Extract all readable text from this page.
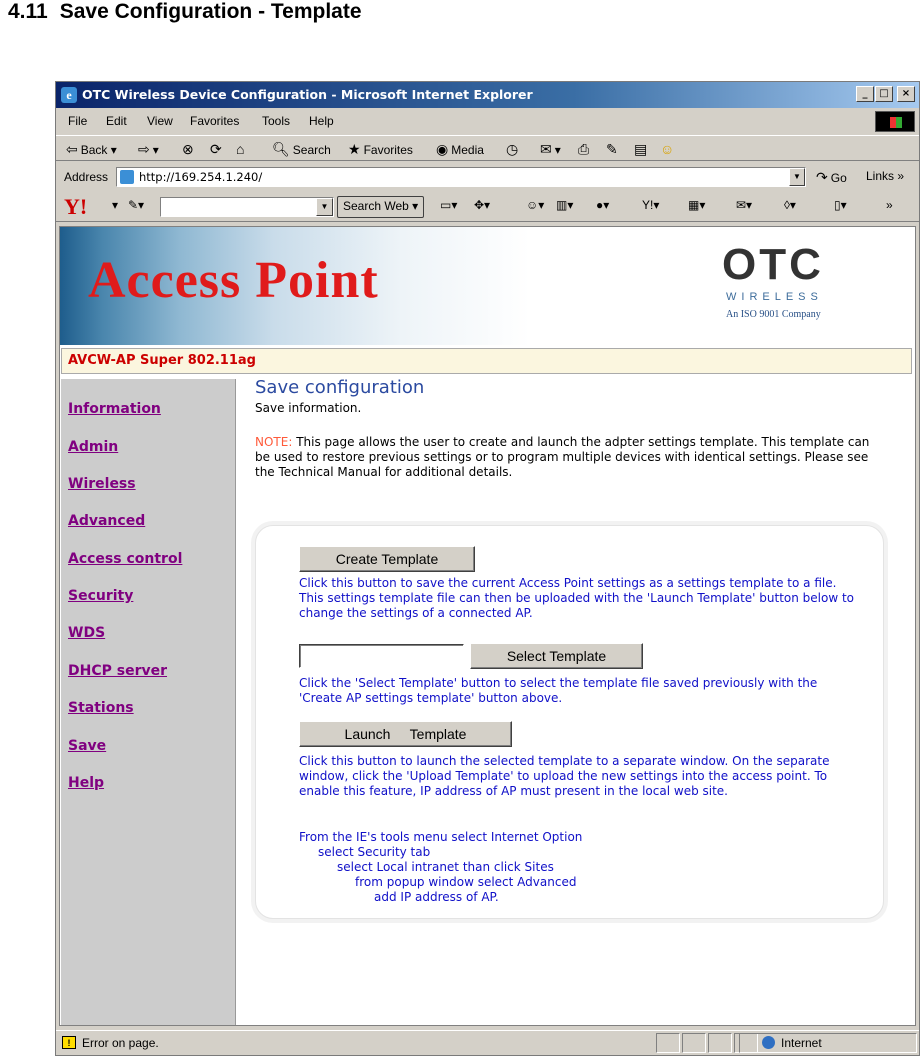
4.11 Save Configuration - Template
e OTC Wireless Device Configuration - Microsoft Internet Explorer	_	□	×
File Edit View Favorites Tools Help
⇦ Back ▾ ⇨ ▾ ⊗ ⟳ ⌂ 🔍︎ Search ★ Favorites ◉ Media ◷ ✉ ▾ ⎙ ✎ ▤ ☺
Address	http://169.254.1.240/	▼ ↷ Go Links »
Y! ▾ ✎▾	▼	Search Web ▾	▭▾ ✥▾	☺▾ ▥▾ ●▾	Y!▾ ▦▾	✉▾	◊▾	▯▾	»
Access Point	OTC
WIRELESS
An ISO 9001 Company
AVCW-AP Super 802.11ag
Information
Admin
Wireless
Advanced
Access control
Security
WDS
DHCP server
Stations
Save
Help
Save configuration
Save information.
NOTE: This page allows the user to create and launch the adpter settings template. This template can be used to restore previous settings or to program multiple devices with identical settings. Please see the Technical Manual for additional details.
Create Template
Click this button to save the current Access Point settings as a settings template to a file. This settings template file can then be uploaded with the 'Launch Template' button below to change the settings of a connected AP.
Select Template
Click the 'Select Template' button to select the template file saved previously with the 'Create AP settings template' button above.
Launch     Template
Click this button to launch the selected template to a separate window. On the separate window, click the 'Upload Template' to upload the new settings into the access point. To enable this feature, IP address of AP must present in the local web site.
From the IE's tools menu select Internet Option
select Security tab
select Local intranet than click Sites
from popup window select Advanced
add IP address of AP.
! Error on page.	Internet
